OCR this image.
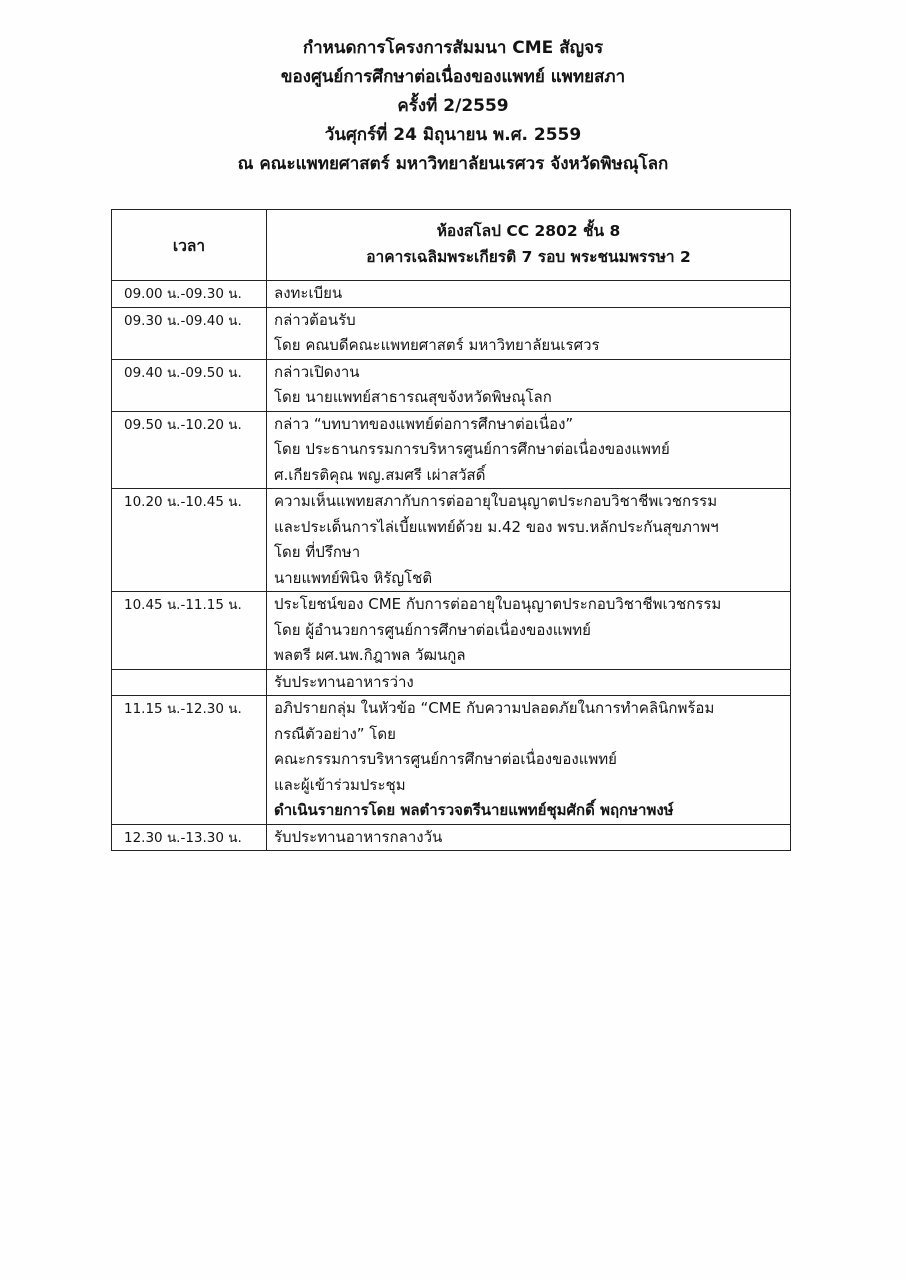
กำหนดการโครงการสัมมนา CME สัญจร
ของศูนย์การศึกษาต่อเนื่องของแพทย์ แพทยสภา
ครั้งที่ 2/2559
วันศุกร์ที่ 24 มิถุนายน พ.ศ. 2559
ณ คณะแพทยศาสตร์ มหาวิทยาลัยนเรศวร จังหวัดพิษณุโลก
เวลา	ห้องสโลป CC 2802 ชั้น 8
อาคารเฉลิมพระเกียรติ 7 รอบ พระชนมพรรษา 2

09.00 น.-09.30 น.	ลงทะเบียน

09.30 น.-09.40 น.	กล่าวต้อนรับ
โดย คณบดีคณะแพทยศาสตร์ มหาวิทยาลัยนเรศวร

09.40 น.-09.50 น.	กล่าวเปิดงาน
โดย นายแพทย์สาธารณสุขจังหวัดพิษณุโลก

09.50 น.-10.20 น.	กล่าว “บทบาทของแพทย์ต่อการศึกษาต่อเนื่อง”
โดย ประธานกรรมการบริหารศูนย์การศึกษาต่อเนื่องของแพทย์
ศ.เกียรติคุณ พญ.สมศรี เผ่าสวัสดิ์

10.20 น.-10.45 น.	ความเห็นแพทยสภากับการต่ออายุใบอนุญาตประกอบวิชาชีพเวชกรรม
และประเด็นการไล่เบี้ยแพทย์ด้วย ม.42 ของ พรบ.หลักประกันสุขภาพฯ
โดย ที่ปรึกษา
นายแพทย์พินิจ หิรัญโชติ

10.45 น.-11.15 น.	ประโยชน์ของ CME กับการต่ออายุใบอนุญาตประกอบวิชาชีพเวชกรรม
โดย ผู้อำนวยการศูนย์การศึกษาต่อเนื่องของแพทย์
พลตรี ผศ.นพ.กิฎาพล วัฒนกูล

	รับประทานอาหารว่าง

11.15 น.-12.30 น.	อภิปรายกลุ่ม ในหัวข้อ “CME กับความปลอดภัยในการทำคลินิกพร้อม
กรณีตัวอย่าง” โดย
คณะกรรมการบริหารศูนย์การศึกษาต่อเนื่องของแพทย์
และผู้เข้าร่วมประชุม
ดำเนินรายการโดย พลตำรวจตรีนายแพทย์ชุมศักดิ์ พฤกษาพงษ์

12.30 น.-13.30 น.	รับประทานอาหารกลางวัน
